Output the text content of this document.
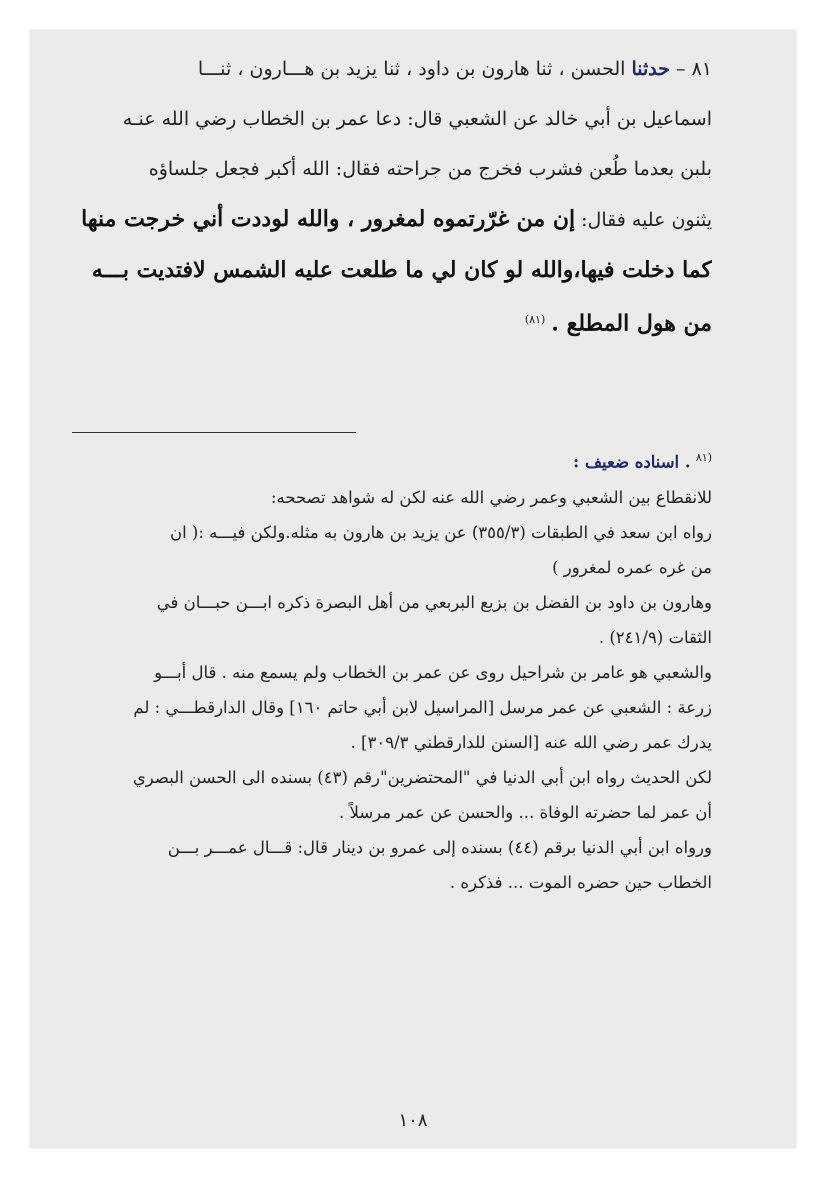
٨١ – حدثنا الحسن ، ثنا هارون بن داود ، ثنا يزيد بن هـــارون ، ثنـــا

اسماعيل بن أبي خالد عن الشعبي قال: دعا عمر بن الخطاب رضي الله عنـه

بلبن بعدما طُعن فشرب فخرج من جراحته فقال: الله أكبر فجعل جلساؤه

يثنون عليه فقال: إن من غرّرتموه لمغرور ، والله لوددت أني خرجت منها

كما دخلت فيها،والله لو كان لي ما طلعت عليه الشمس لافتديت بـــه

من هول المطلع . $^{(٨١)}$

$^{(٨١}$ . اسناده ضعيف :

للانقطاع بين الشعبي وعمر رضي الله عنه لكن له شواهد تصححه:

رواه ابن سعد في الطبقات (٣٥٥/٣) عن يزيد بن هارون به مثله.ولكن فيـــه :( ان

من غره عمره لمغرور )

وهارون بن داود بن الفضل بن بزيع البربعي من أهل البصرة ذكره ابـــن حبـــان في

الثقات (٢٤١/٩) .

والشعبي هو عامر بن شراحيل روى عن عمر بن الخطاب ولم يسمع منه . قال أبـــو

زرعة : الشعبي عن عمر مرسل [المراسيل لابن أبي حاتم ١٦٠] وقال الدارقطـــي : لم

يدرك عمر رضي الله عنه [السنن للدارقطني ٣٠٩/٣] .

لكن الحديث رواه ابن أبي الدنيا في "المحتضرين"رقم (٤٣) بسنده الى الحسن البصري

أن عمر لما حضرته الوفاة ... والحسن عن عمر مرسلاً .

ورواه ابن أبي الدنيا برقم (٤٤) بسنده إلى عمرو بن دينار قال: قـــال عمـــر بـــن

الخطاب حين حضره الموت ... فذكره .

١٠٨
